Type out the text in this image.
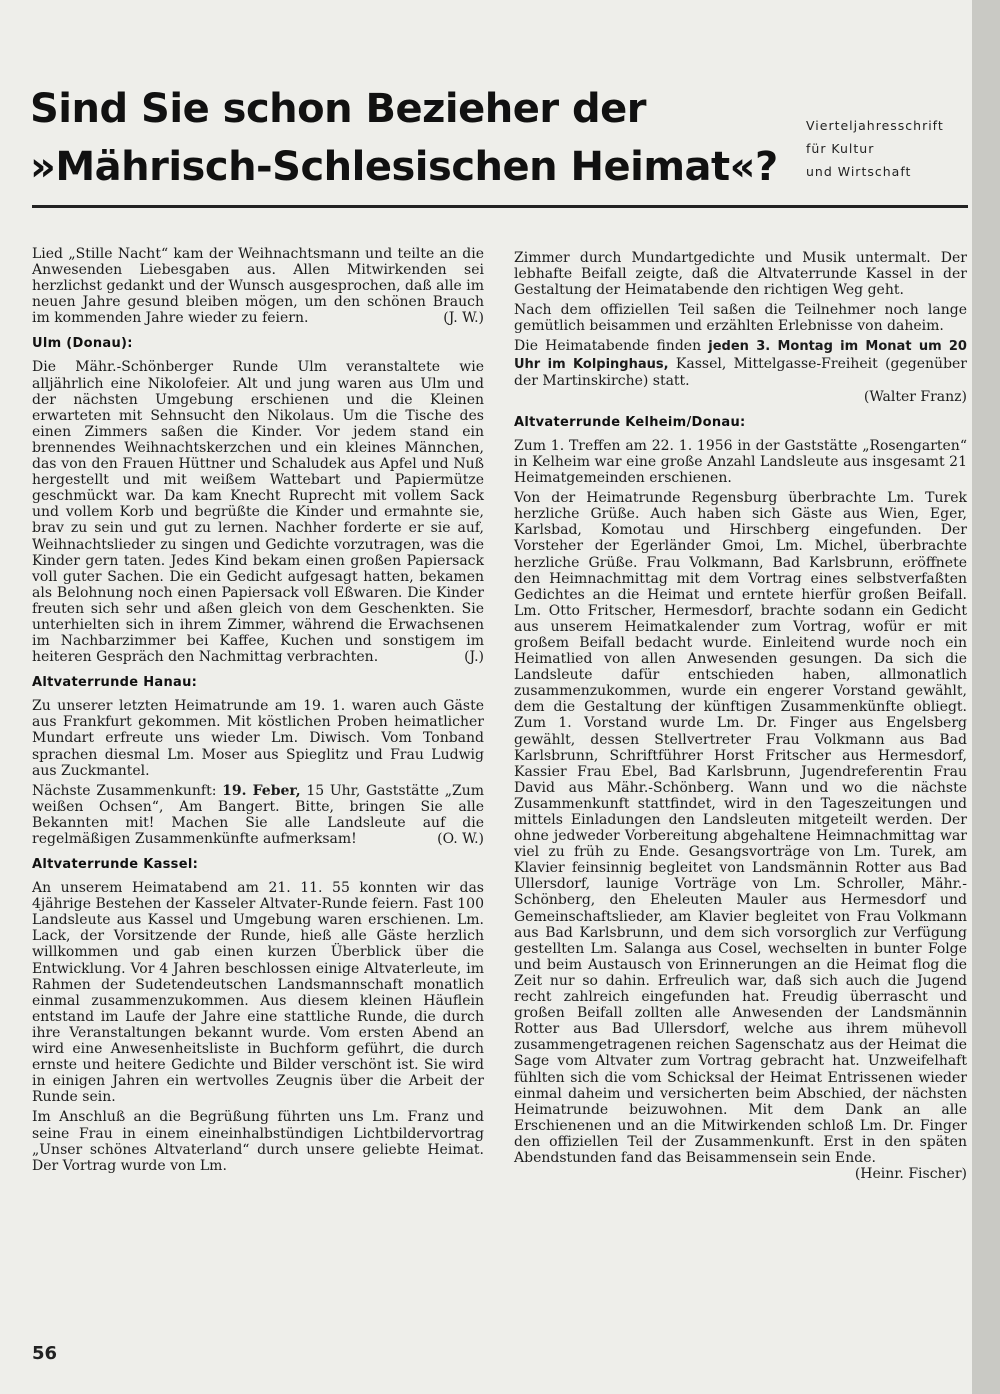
Sind Sie schon Bezieher der
»Mährisch-Schlesischen Heimat«?
Vierteljahresschrift
für Kultur
und Wirtschaft

Lied „Stille Nacht“ kam der Weihnachtsmann und teilte an die Anwesenden Liebesgaben aus. Allen Mitwirkenden sei herzlichst gedankt und der Wunsch ausgesprochen, daß alle im neuen Jahre gesund bleiben mögen, um den schönen Brauch im kommenden Jahre wieder zu feiern.	(J. W.)

Ulm (Donau):

Die Mähr.-Schönberger Runde Ulm veranstaltete wie alljährlich eine Nikolofeier. Alt und jung waren aus Ulm und der nächsten Umgebung erschienen und die Kleinen erwarteten mit Sehnsucht den Nikolaus. Um die Tische des einen Zimmers saßen die Kinder. Vor jedem stand ein brennendes Weihnachtskerzchen und ein kleines Männchen, das von den Frauen Hüttner und Schaludek aus Apfel und Nuß hergestellt und mit weißem Wattebart und Papiermütze geschmückt war. Da kam Knecht Ruprecht mit vollem Sack und vollem Korb und begrüßte die Kinder und ermahnte sie, brav zu sein und gut zu lernen. Nachher forderte er sie auf, Weihnachtslieder zu singen und Gedichte vorzutragen, was die Kinder gern taten. Jedes Kind bekam einen großen Papiersack voll guter Sachen. Die ein Gedicht aufgesagt hatten, bekamen als Belohnung noch einen Papiersack voll Eßwaren. Die Kinder freuten sich sehr und aßen gleich von dem Geschenkten. Sie unterhielten sich in ihrem Zimmer, während die Erwachsenen im Nachbarzimmer bei Kaffee, Kuchen und sonstigem im heiteren Gespräch den Nachmittag verbrachten.	(J.)

Altvaterrunde Hanau:

Zu unserer letzten Heimatrunde am 19. 1. waren auch Gäste aus Frankfurt gekommen. Mit köstlichen Proben heimatlicher Mundart erfreute uns wieder Lm. Diwisch. Vom Tonband sprachen diesmal Lm. Moser aus Spieglitz und Frau Ludwig aus Zuckmantel.

Nächste Zusammenkunft: 19. Feber, 15 Uhr, Gaststätte „Zum weißen Ochsen“, Am Bangert. Bitte, bringen Sie alle Bekannten mit! Machen Sie alle Landsleute auf die regelmäßigen Zusammenkünfte aufmerksam!	(O. W.)

Altvaterrunde Kassel:

An unserem Heimatabend am 21. 11. 55 konnten wir das 4jährige Bestehen der Kasseler Altvater-Runde feiern. Fast 100 Landsleute aus Kassel und Umgebung waren erschienen. Lm. Lack, der Vorsitzende der Runde, hieß alle Gäste herzlich willkommen und gab einen kurzen Überblick über die Entwicklung. Vor 4 Jahren beschlossen einige Altvaterleute, im Rahmen der Sudetendeutschen Landsmannschaft monatlich einmal zusammenzukommen. Aus diesem kleinen Häuflein entstand im Laufe der Jahre eine stattliche Runde, die durch ihre Veranstaltungen bekannt wurde. Vom ersten Abend an wird eine Anwesenheitsliste in Buchform geführt, die durch ernste und heitere Gedichte und Bilder verschönt ist. Sie wird in einigen Jahren ein wertvolles Zeugnis über die Arbeit der Runde sein.

Im Anschluß an die Begrüßung führten uns Lm. Franz und seine Frau in einem eineinhalbstündigen Lichtbildervortrag „Unser schönes Altvaterland“ durch unsere geliebte Heimat. Der Vortrag wurde von Lm.

Zimmer durch Mundartgedichte und Musik untermalt. Der lebhafte Beifall zeigte, daß die Altvaterrunde Kassel in der Gestaltung der Heimatabende den richtigen Weg geht.

Nach dem offiziellen Teil saßen die Teilnehmer noch lange gemütlich beisammen und erzählten Erlebnisse von daheim.

Die Heimatabende finden jeden 3. Montag im Monat um 20 Uhr im Kolpinghaus, Kassel, Mittelgasse-Freiheit (gegenüber der Martinskirche) statt.

(Walter Franz)

Altvaterrunde Kelheim/Donau:

Zum 1. Treffen am 22. 1. 1956 in der Gaststätte „Rosengarten“ in Kelheim war eine große Anzahl Landsleute aus insgesamt 21 Heimatgemeinden erschienen.

Von der Heimatrunde Regensburg überbrachte Lm. Turek herzliche Grüße. Auch haben sich Gäste aus Wien, Eger, Karlsbad, Komotau und Hirschberg eingefunden. Der Vorsteher der Egerländer Gmoi, Lm. Michel, überbrachte herzliche Grüße. Frau Volkmann, Bad Karlsbrunn, eröffnete den Heimnachmittag mit dem Vortrag eines selbstverfaßten Gedichtes an die Heimat und erntete hierfür großen Beifall. Lm. Otto Fritscher, Hermesdorf, brachte sodann ein Gedicht aus unserem Heimatkalender zum Vortrag, wofür er mit großem Beifall bedacht wurde. Einleitend wurde noch ein Heimatlied von allen Anwesenden gesungen. Da sich die Landsleute dafür entschieden haben, allmonatlich zusammenzukommen, wurde ein engerer Vorstand gewählt, dem die Gestaltung der künftigen Zusammenkünfte obliegt. Zum 1. Vorstand wurde Lm. Dr. Finger aus Engelsberg gewählt, dessen Stellvertreter Frau Volkmann aus Bad Karlsbrunn, Schriftführer Horst Fritscher aus Hermesdorf, Kassier Frau Ebel, Bad Karlsbrunn, Jugendreferentin Frau David aus Mähr.-Schönberg. Wann und wo die nächste Zusammenkunft stattfindet, wird in den Tageszeitungen und mittels Einladungen den Landsleuten mitgeteilt werden. Der ohne jedweder Vorbereitung abgehaltene Heimnachmittag war viel zu früh zu Ende. Gesangsvorträge von Lm. Turek, am Klavier feinsinnig begleitet von Landsmännin Rotter aus Bad Ullersdorf, launige Vorträge von Lm. Schroller, Mähr.-Schönberg, den Eheleuten Mauler aus Hermesdorf und Gemeinschaftslieder, am Klavier begleitet von Frau Volkmann aus Bad Karlsbrunn, und dem sich vorsorglich zur Verfügung gestellten Lm. Salanga aus Cosel, wechselten in bunter Folge und beim Austausch von Erinnerungen an die Heimat flog die Zeit nur so dahin. Erfreulich war, daß sich auch die Jugend recht zahlreich eingefunden hat. Freudig überrascht und großen Beifall zollten alle Anwesenden der Landsmännin Rotter aus Bad Ullersdorf, welche aus ihrem mühevoll zusammengetragenen reichen Sagenschatz aus der Heimat die Sage vom Altvater zum Vortrag gebracht hat. Unzweifelhaft fühlten sich die vom Schicksal der Heimat Entrissenen wieder einmal daheim und versicherten beim Abschied, der nächsten Heimatrunde beizuwohnen. Mit dem Dank an alle Erschienenen und an die Mitwirkenden schloß Lm. Dr. Finger den offiziellen Teil der Zusammenkunft. Erst in den späten Abendstunden fand das Beisammensein sein Ende.

(Heinr. Fischer)

56
